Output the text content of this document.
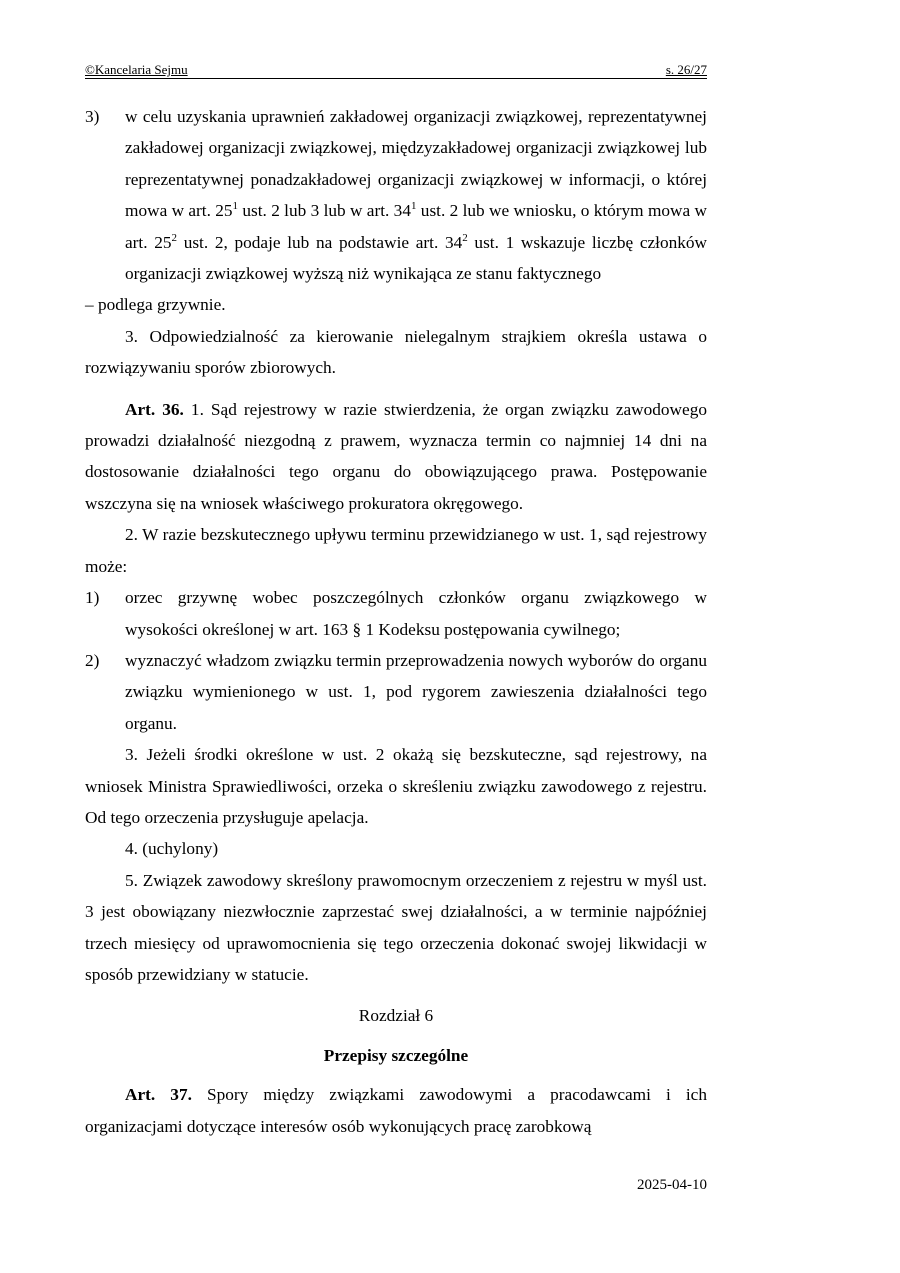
©Kancelaria Sejmu	s. 26/27
3) w celu uzyskania uprawnień zakładowej organizacji związkowej, reprezentatywnej zakładowej organizacji związkowej, międzyzakładowej organizacji związkowej lub reprezentatywnej ponadzakładowej organizacji związkowej w informacji, o której mowa w art. $25^1$ ust. 2 lub 3 lub w art. $34^1$ ust. 2 lub we wniosku, o którym mowa w art. $25^2$ ust. 2, podaje lub na podstawie art. $34^2$ ust. 1 wskazuje liczbę członków organizacji związkowej wyższą niż wynikająca ze stanu faktycznego

– podlega grzywnie.

3. Odpowiedzialność za kierowanie nielegalnym strajkiem określa ustawa o rozwiązywaniu sporów zbiorowych.

Art. 36. 1. Sąd rejestrowy w razie stwierdzenia, że organ związku zawodowego prowadzi działalność niezgodną z prawem, wyznacza termin co najmniej 14 dni na dostosowanie działalności tego organu do obowiązującego prawa. Postępowanie wszczyna się na wniosek właściwego prokuratora okręgowego.

2. W razie bezskutecznego upływu terminu przewidzianego w ust. 1, sąd rejestrowy może:

1) orzec grzywnę wobec poszczególnych członków organu związkowego w wysokości określonej w art. 163 § 1 Kodeksu postępowania cywilnego;

2) wyznaczyć władzom związku termin przeprowadzenia nowych wyborów do organu związku wymienionego w ust. 1, pod rygorem zawieszenia działalności tego organu.

3. Jeżeli środki określone w ust. 2 okażą się bezskuteczne, sąd rejestrowy, na wniosek Ministra Sprawiedliwości, orzeka o skreśleniu związku zawodowego z rejestru. Od tego orzeczenia przysługuje apelacja.

4. (uchylony)

5. Związek zawodowy skreślony prawomocnym orzeczeniem z rejestru w myśl ust. 3 jest obowiązany niezwłocznie zaprzestać swej działalności, a w terminie najpóźniej trzech miesięcy od uprawomocnienia się tego orzeczenia dokonać swojej likwidacji w sposób przewidziany w statucie.

Rozdział 6

Przepisy szczególne

Art. 37. Spory między związkami zawodowymi a pracodawcami i ich organizacjami dotyczące interesów osób wykonujących pracę zarobkową

2025-04-10
